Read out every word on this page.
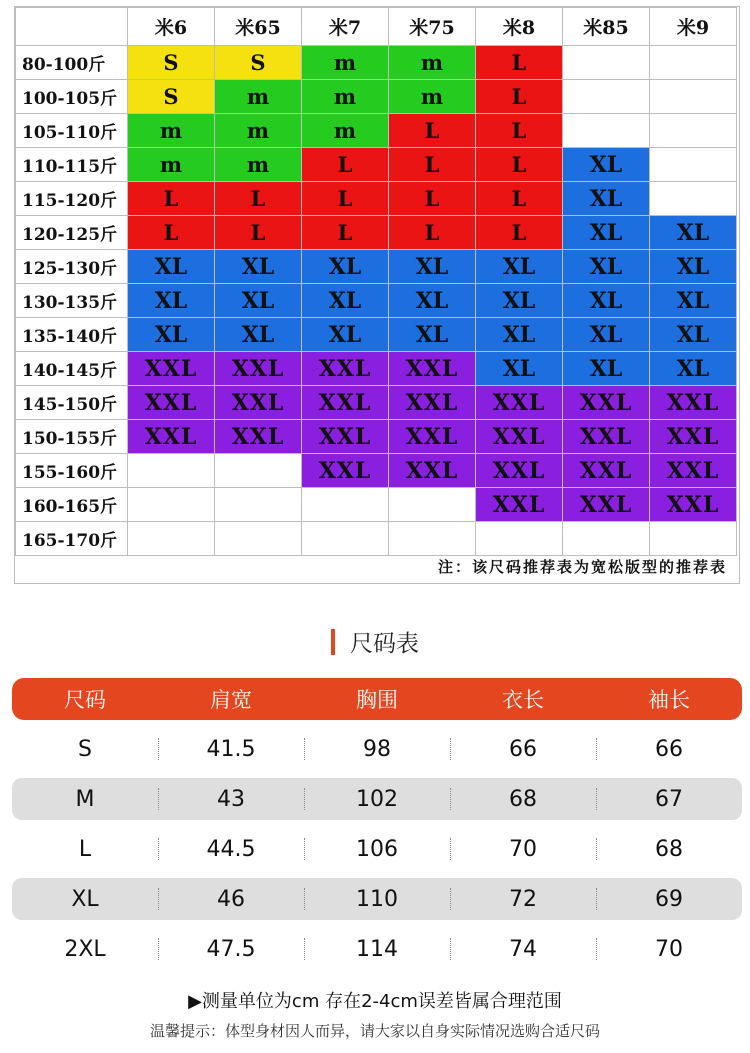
	米6	米65	米7	米75	米8	米85	米9
80-100斤	S	S	m	m	L		
100-105斤	S	m	m	m	L		
105-110斤	m	m	m	L	L		
110-115斤	m	m	L	L	L	XL	
115-120斤	L	L	L	L	L	XL	
120-125斤	L	L	L	L	L	XL	XL
125-130斤	XL	XL	XL	XL	XL	XL	XL
130-135斤	XL	XL	XL	XL	XL	XL	XL
135-140斤	XL	XL	XL	XL	XL	XL	XL
140-145斤	XXL	XXL	XXL	XXL	XL	XL	XL
145-150斤	XXL	XXL	XXL	XXL	XXL	XXL	XXL
150-155斤	XXL	XXL	XXL	XXL	XXL	XXL	XXL
155-160斤			XXL	XXL	XXL	XXL	XXL
160-165斤					XXL	XXL	XXL
165-170斤							
注：该尺码推荐表为宽松版型的推荐表
尺码表
尺码	肩宽	胸围	衣长	袖长
S	41.5	98	66	66
M	43	102	68	67
L	44.5	106	70	68
XL	46	110	72	69
2XL	47.5	114	74	70
▶测量单位为cm 存在2-4cm误差皆属合理范围
温馨提示：体型身材因人而异，请大家以自身实际情况选购合适尺码
